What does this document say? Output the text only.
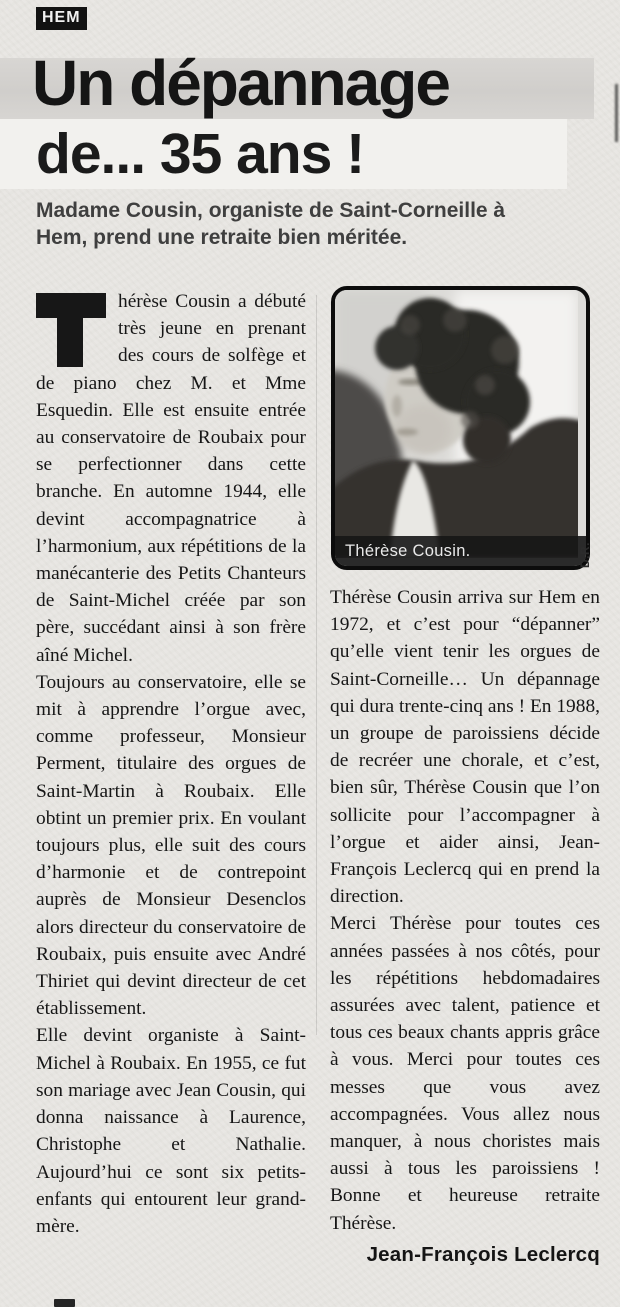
HEM
Un dépannage
de... 35 ans !
Madame Cousin, organiste de Saint-Corneille à Hem, prend une retraite bien méritée.

hérèse Cousin a débuté très jeune en prenant des cours de solfège et de piano chez M. et Mme Esquedin. Elle est ensuite entrée au conservatoire de Roubaix pour se perfectionner dans cette branche. En automne 1944, elle devint accompagnatrice à l’harmonium, aux répétitions de la manécanterie des Petits Chanteurs de Saint-Michel créée par son père, succédant ainsi à son frère aîné Michel.

Toujours au conservatoire, elle se mit à apprendre l’orgue avec, comme professeur, Monsieur Perment, titulaire des orgues de Saint-Martin à Roubaix. Elle obtint un premier prix. En voulant toujours plus, elle suit des cours d’harmonie et de contrepoint auprès de Monsieur Desenclos alors directeur du conservatoire de Roubaix, puis ensuite avec André Thiriet qui devint directeur de cet établissement.

Elle devint organiste à Saint-Michel à Roubaix. En 1955, ce fut son mariage avec Jean Cousin, qui donna naissance à Laurence, Christophe et Nathalie. Aujourd’hui ce sont six petits-enfants qui entourent leur grand-mère.

Thérèse Cousin.	D.R.

Thérèse Cousin arriva sur Hem en 1972, et c’est pour “dépanner” qu’elle vient tenir les orgues de Saint-Corneille… Un dépannage qui dura trente-cinq ans ! En 1988, un groupe de paroissiens décide de recréer une chorale, et c’est, bien sûr, Thérèse Cousin que l’on sollicite pour l’accompagner à l’orgue et aider ainsi, Jean-François Leclercq qui en prend la direction.

Merci Thérèse pour toutes ces années passées à nos côtés, pour les répétitions hebdomadaires assurées avec talent, patience et tous ces beaux chants appris grâce à vous. Merci pour toutes ces messes que vous avez accompagnées. Vous allez nous manquer, à nous choristes mais aussi à tous les paroissiens ! Bonne et heureuse retraite Thérèse.

Jean-François Leclercq
